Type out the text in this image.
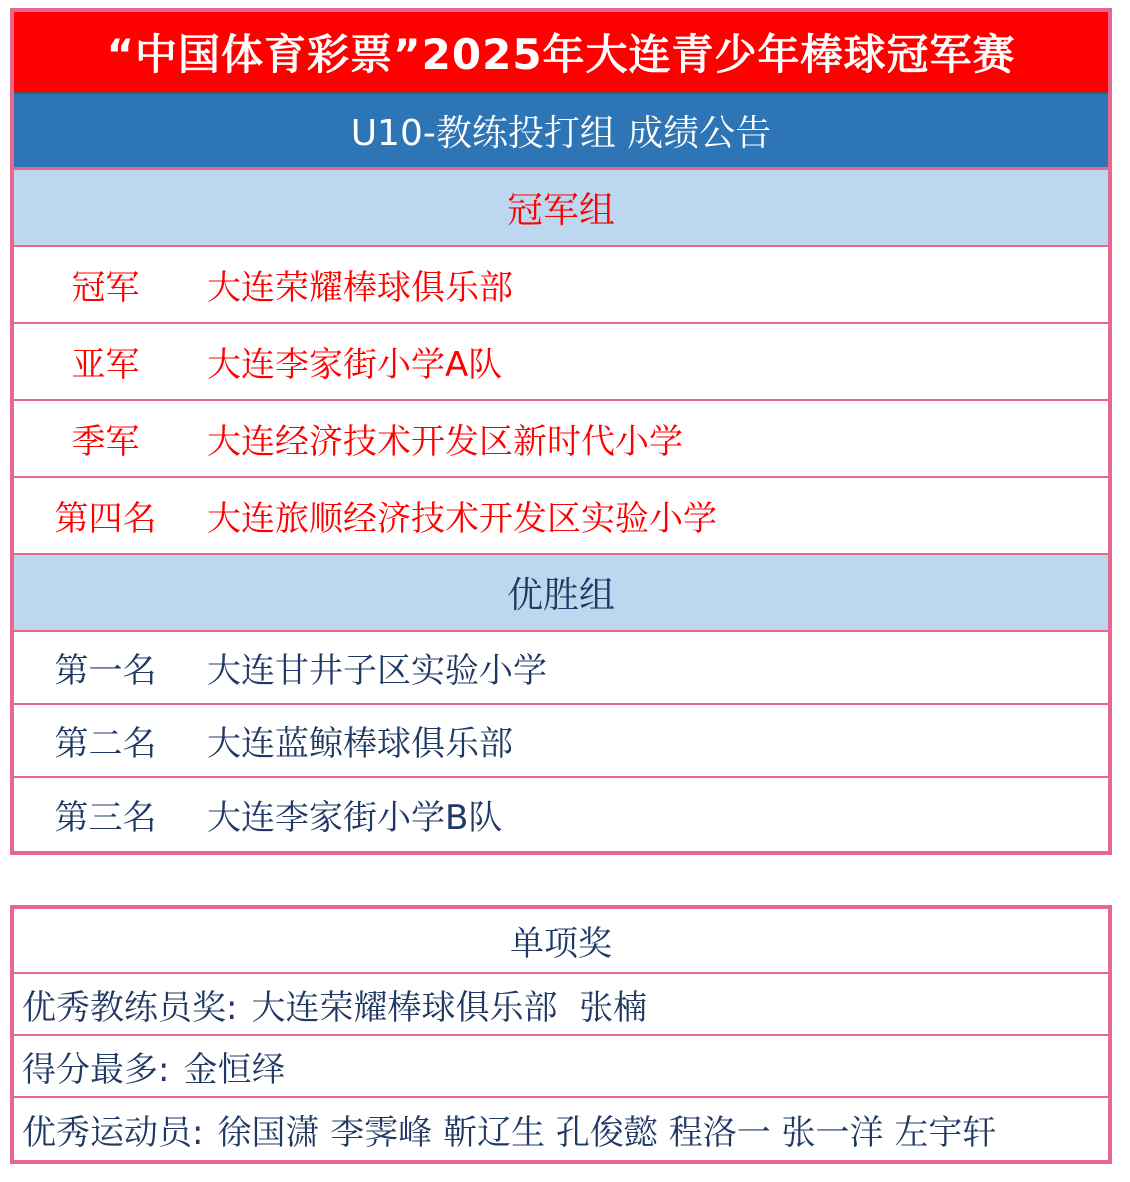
“中国体育彩票”2025年大连青少年棒球冠军赛
U10-教练投打组 成绩公告
冠军组
冠军	大连荣耀棒球俱乐部
亚军	大连李家街小学A队
季军	大连经济技术开发区新时代小学
第四名	大连旅顺经济技术开发区实验小学
优胜组
第一名	大连甘井子区实验小学
第二名	大连蓝鲸棒球俱乐部
第三名	大连李家街小学B队
单项奖
优秀教练员奖: 大连荣耀棒球俱乐部  张楠
得分最多: 金恒绎
优秀运动员: 徐国潇 李霁峰 靳辽生 孔俊懿 程洛一 张一洋 左宇轩
